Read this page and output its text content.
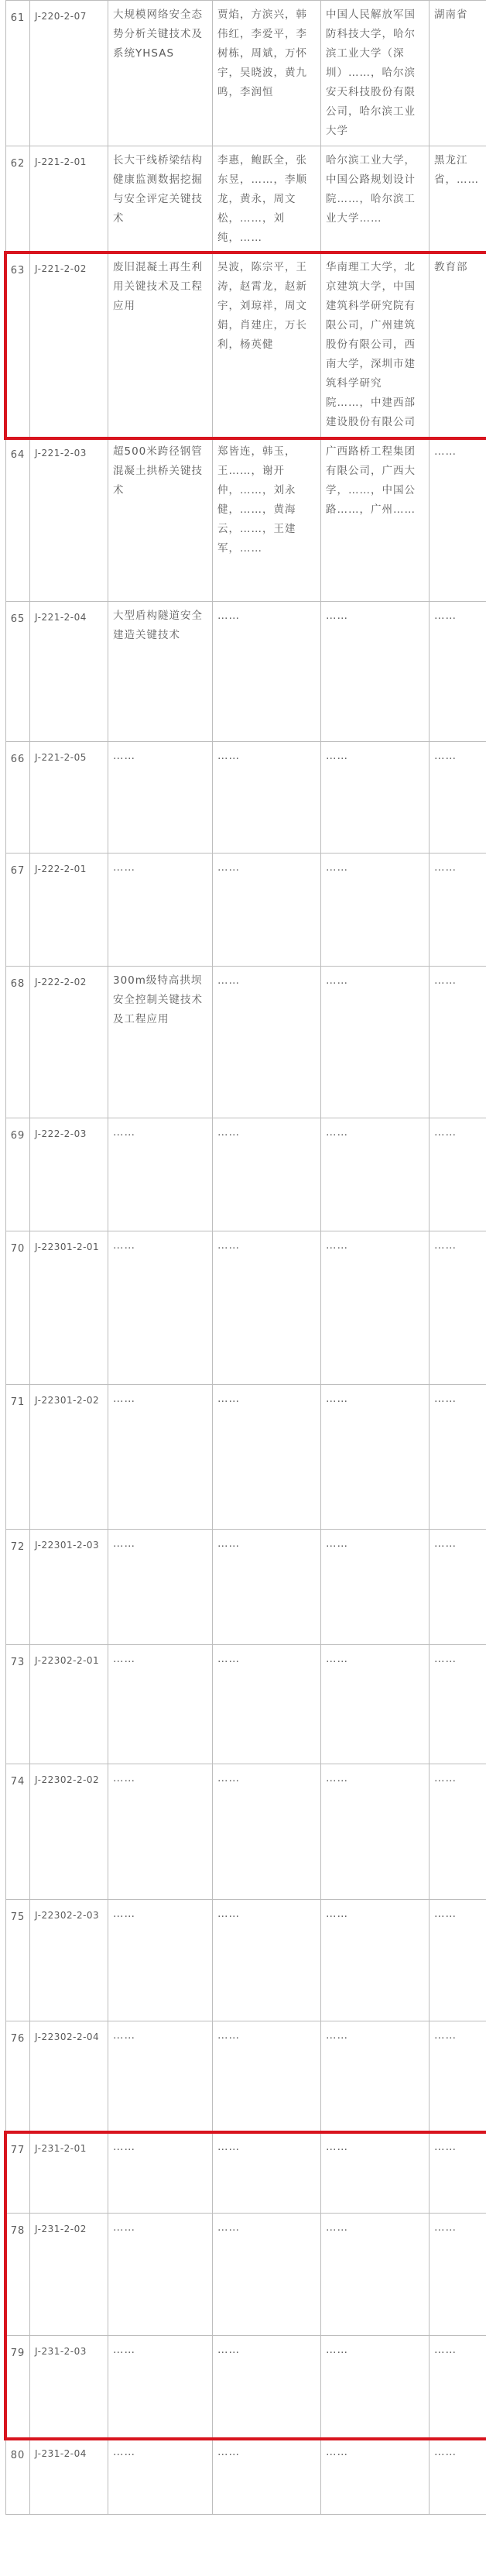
61	J-220-2-07	大规模网络安全态势分析关键技术及系统YHSAS	贾焰，方滨兴，韩伟红，李爱平，李树栋，周斌，万怀宇，吴晓波，黄九鸣，李润恒	中国人民解放军国防科技大学，哈尔滨工业大学（深圳）……，哈尔滨安天科技股份有限公司，哈尔滨工业大学	湖南省
62	J-221-2-01	长大干线桥梁结构健康监测数据挖掘与安全评定关键技术	李惠，鲍跃全，张东昱，……，李顺龙，黄永，周文松，……，刘纯，……	哈尔滨工业大学，中国公路规划设计院……，哈尔滨工业大学……	黑龙江省，……
63	J-221-2-02	废旧混凝土再生利用关键技术及工程应用	吴波，陈宗平，王涛，赵霄龙，赵新宇，刘琼祥，周文娟，肖建庄，万长利，杨英健	华南理工大学，北京建筑大学，中国建筑科学研究院有限公司，广州建筑股份有限公司，西南大学，深圳市建筑科学研究院……，中建西部建设股份有限公司	教育部
64	J-221-2-03	超500米跨径钢管混凝土拱桥关键技术	郑皆连，韩玉，王……，谢开仲，……，刘永健，……，黄海云，……，王建军，……	广西路桥工程集团有限公司，广西大学，……，中国公路……，广州……	……
65	J-221-2-04	大型盾构隧道安全建造关键技术	……	……	……
66	J-221-2-05	……	……	……	……
67	J-222-2-01	……	……	……	……
68	J-222-2-02	300m级特高拱坝安全控制关键技术及工程应用	……	……	……
69	J-222-2-03	……	……	……	……
70	J-22301-2-01	……	……	……	……
71	J-22301-2-02	……	……	……	……
72	J-22301-2-03	……	……	……	……
73	J-22302-2-01	……	……	……	……
74	J-22302-2-02	……	……	……	……
75	J-22302-2-03	……	……	……	……
76	J-22302-2-04	……	……	……	……
77	J-231-2-01	……	……	……	……
78	J-231-2-02	……	……	……	……
79	J-231-2-03	……	……	……	……
80	J-231-2-04	……	……	……	……
